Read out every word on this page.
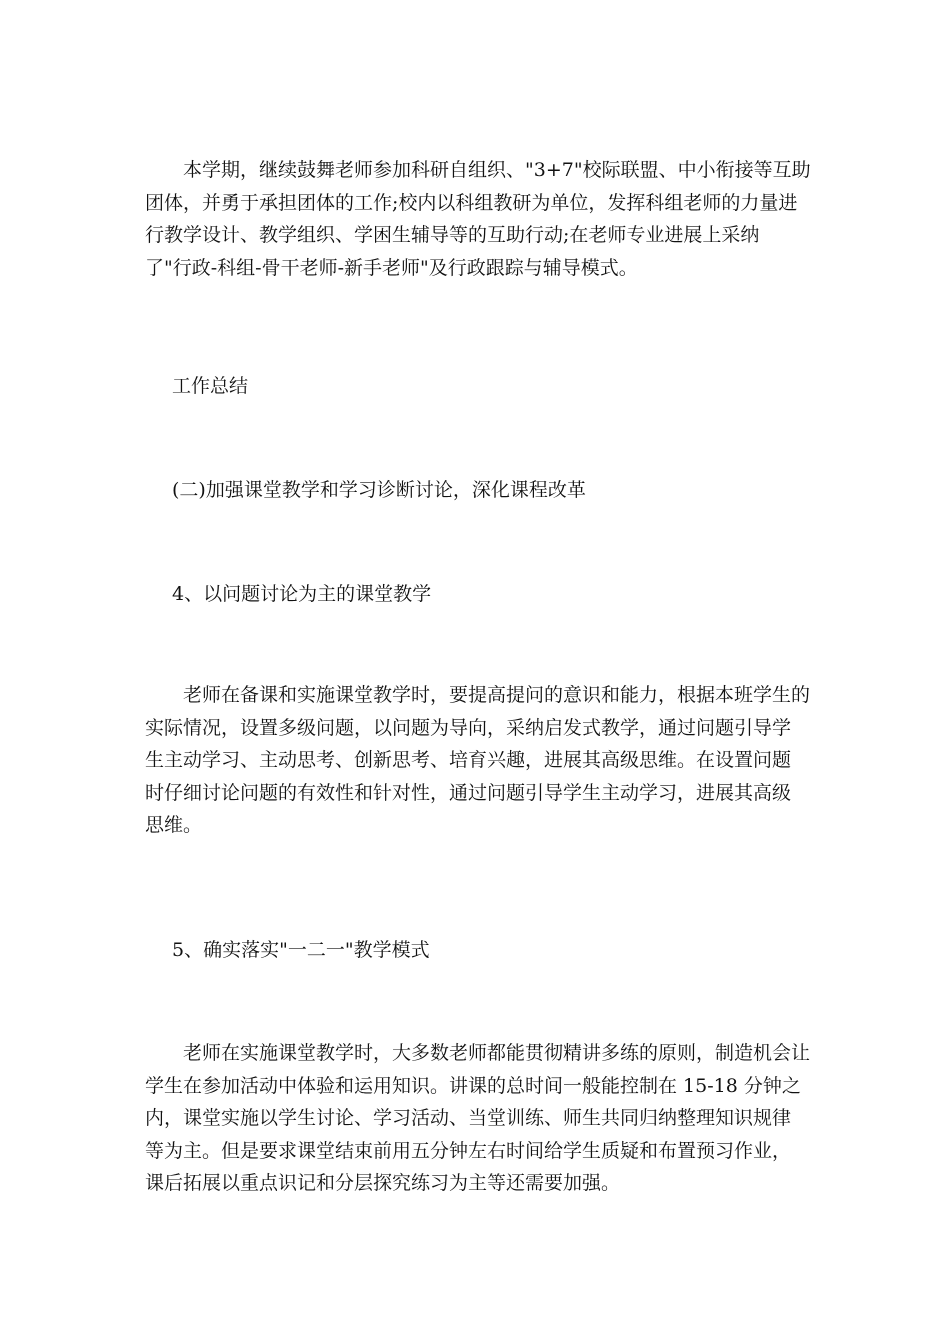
　　本学期，继续鼓舞老师参加科研自组织、"3+7"校际联盟、中小衔接等互助

团体，并勇于承担团体的工作;校内以科组教研为单位，发挥科组老师的力量进

行教学设计、教学组织、学困生辅导等的互助行动;在老师专业进展上采纳

了"行政-科组-骨干老师-新手老师"及行政跟踪与辅导模式。

工作总结
(二)加强课堂教学和学习诊断讨论，深化课程改革
4、以问题讨论为主的课堂教学

　　老师在备课和实施课堂教学时，要提高提问的意识和能力，根据本班学生的

实际情况，设置多级问题，以问题为导向，采纳启发式教学，通过问题引导学

生主动学习、主动思考、创新思考、培育兴趣，进展其高级思维。在设置问题

时仔细讨论问题的有效性和针对性，通过问题引导学生主动学习，进展其高级

思维。

5、确实落实"一二一"教学模式

　　老师在实施课堂教学时，大多数老师都能贯彻精讲多练的原则，制造机会让

学生在参加活动中体验和运用知识。讲课的总时间一般能控制在 15-18 分钟之

内，课堂实施以学生讨论、学习活动、当堂训练、师生共同归纳整理知识规律

等为主。但是要求课堂结束前用五分钟左右时间给学生质疑和布置预习作业，

课后拓展以重点识记和分层探究练习为主等还需要加强。
